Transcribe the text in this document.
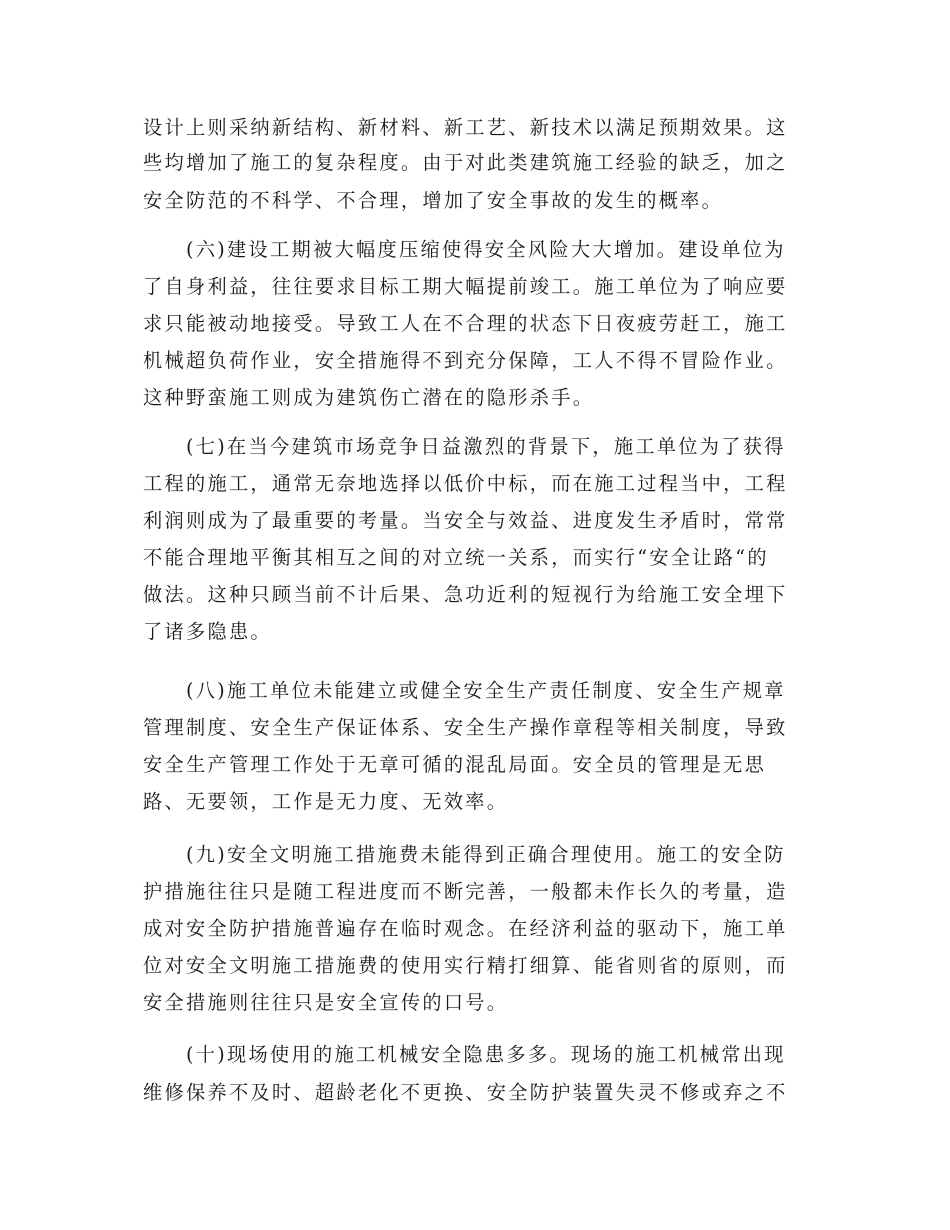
设计上则采纳新结构、新材料、新工艺、新技术以满足预期效果。这
些均增加了施工的复杂程度。由于对此类建筑施工经验的缺乏，加之
安全防范的不科学、不合理，增加了安全事故的发生的概率。
(六)建设工期被大幅度压缩使得安全风险大大增加。建设单位为
了自身利益，往往要求目标工期大幅提前竣工。施工单位为了响应要
求只能被动地接受。导致工人在不合理的状态下日夜疲劳赶工，施工
机械超负荷作业，安全措施得不到充分保障，工人不得不冒险作业。
这种野蛮施工则成为建筑伤亡潜在的隐形杀手。
(七)在当今建筑市场竞争日益激烈的背景下，施工单位为了获得
工程的施工，通常无奈地选择以低价中标，而在施工过程当中，工程
利润则成为了最重要的考量。当安全与效益、进度发生矛盾时，常常
不能合理地平衡其相互之间的对立统一关系，而实行“安全让路“的
做法。这种只顾当前不计后果、急功近利的短视行为给施工安全埋下
了诸多隐患。
(八)施工单位未能建立或健全安全生产责任制度、安全生产规章
管理制度、安全生产保证体系、安全生产操作章程等相关制度，导致
安全生产管理工作处于无章可循的混乱局面。安全员的管理是无思
路、无要领，工作是无力度、无效率。
(九)安全文明施工措施费未能得到正确合理使用。施工的安全防
护措施往往只是随工程进度而不断完善，一般都未作长久的考量，造
成对安全防护措施普遍存在临时观念。在经济利益的驱动下，施工单
位对安全文明施工措施费的使用实行精打细算、能省则省的原则，而
安全措施则往往只是安全宣传的口号。
(十)现场使用的施工机械安全隐患多多。现场的施工机械常出现
维修保养不及时、超龄老化不更换、安全防护装置失灵不修或弃之不
